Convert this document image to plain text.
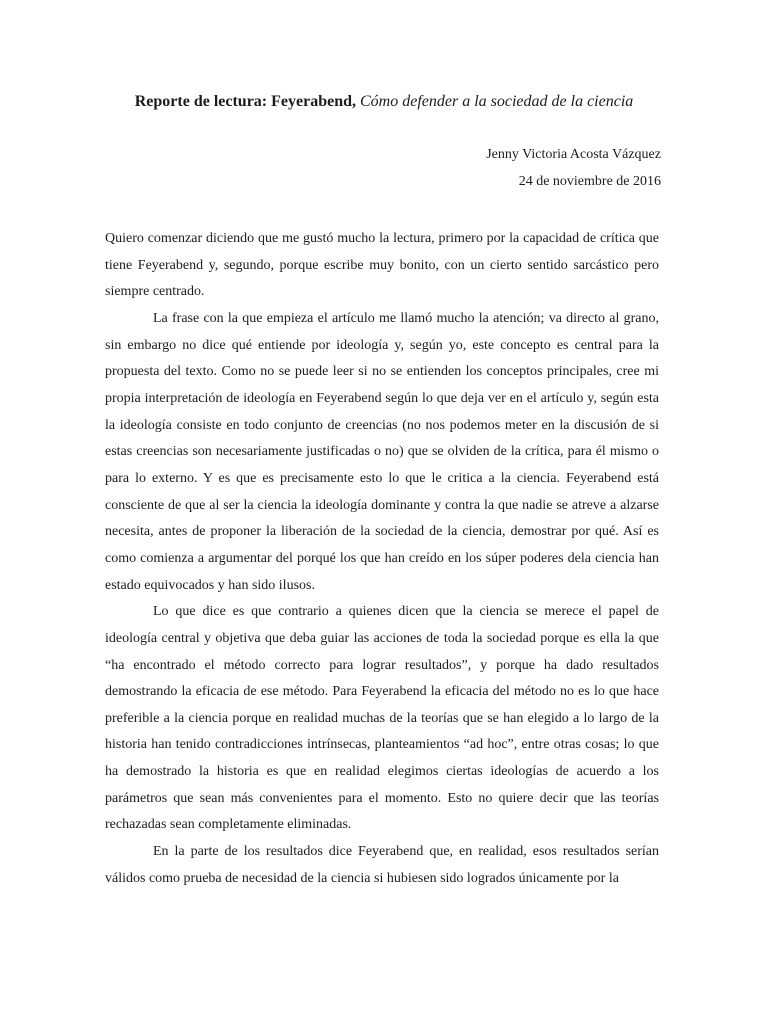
Reporte de lectura: Feyerabend, Cómo defender a la sociedad de la ciencia
Jenny Victoria Acosta Vázquez
24 de noviembre de 2016

Quiero comenzar diciendo que me gustó mucho la lectura, primero por la capacidad de crítica que tiene Feyerabend y, segundo, porque escribe muy bonito, con un cierto sentido sarcástico pero siempre centrado.

La frase con la que empieza el artículo me llamó mucho la atención; va directo al grano, sin embargo no dice qué entiende por ideología y, según yo, este concepto es central para la propuesta del texto. Como no se puede leer si no se entienden los conceptos principales, cree mi propia interpretación de ideología en Feyerabend según lo que deja ver en el artículo y, según esta la ideología consiste en todo conjunto de creencias (no nos podemos meter en la discusión de si estas creencias son necesariamente justificadas o no) que se olviden de la crítica, para él mismo o para lo externo. Y es que es precisamente esto lo que le critica a la ciencia. Feyerabend está consciente de que al ser la ciencia la ideología dominante y contra la que nadie se atreve a alzarse necesita, antes de proponer la liberación de la sociedad de la ciencia, demostrar por qué. Así es como comienza a argumentar del porqué los que han creído en los súper poderes dela ciencia han estado equivocados y han sido ilusos.

Lo que dice es que contrario a quienes dicen que la ciencia se merece el papel de ideología central y objetiva que deba guiar las acciones de toda la sociedad porque es ella la que “ha encontrado el método correcto para lograr resultados”, y porque ha dado resultados demostrando la eficacia de ese método. Para Feyerabend la eficacia del método no es lo que hace preferible a la ciencia porque en realidad muchas de la teorías que se han elegido a lo largo de la historia han tenido contradicciones intrínsecas, planteamientos “ad hoc”, entre otras cosas; lo que ha demostrado la historia es que en realidad elegimos ciertas ideologías de acuerdo a los parámetros que sean más convenientes para el momento. Esto no quiere decir que las teorías rechazadas sean completamente eliminadas.

En la parte de los resultados dice Feyerabend que, en realidad, esos resultados serían válidos como prueba de necesidad de la ciencia si hubiesen sido logrados únicamente por la
